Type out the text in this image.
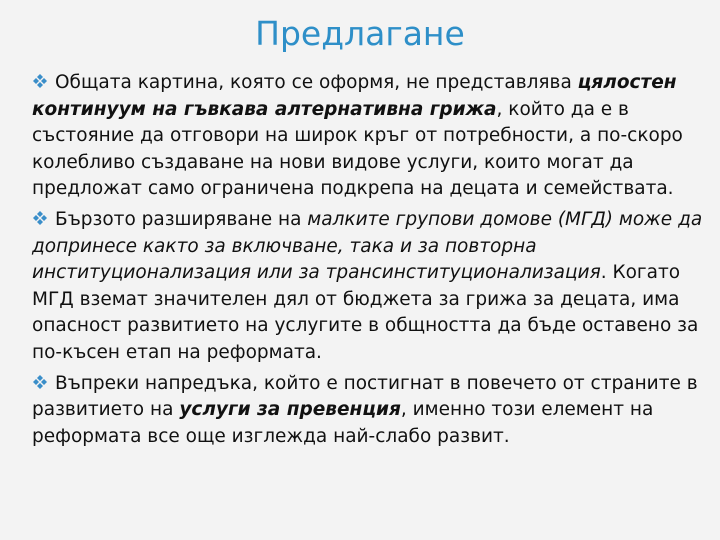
Предлагане

Общата картина, която се оформя, не представлява цялостен континуум на гъвкава алтернативна грижа, който да е в състояние да отговори на широк кръг от потребности, а по-скоро колебливо създаване на нови видове услуги, които могат да предложат само ограничена подкрепа на децата и семействата.

Бързото разширяване на малките групови домове (МГД) може да допринесе както за включване, така и за повторна институционализация или за трансинституционализация. Когато МГД вземат значителен дял от бюджета за грижа за децата, има опасност развитието на услугите в общността да бъде оставено за по-късен етап на реформата.

Въпреки напредъка, който е постигнат в повечето от страните в развитието на услуги за превенция, именно този елемент на реформата все още изглежда най-слабо развит.
